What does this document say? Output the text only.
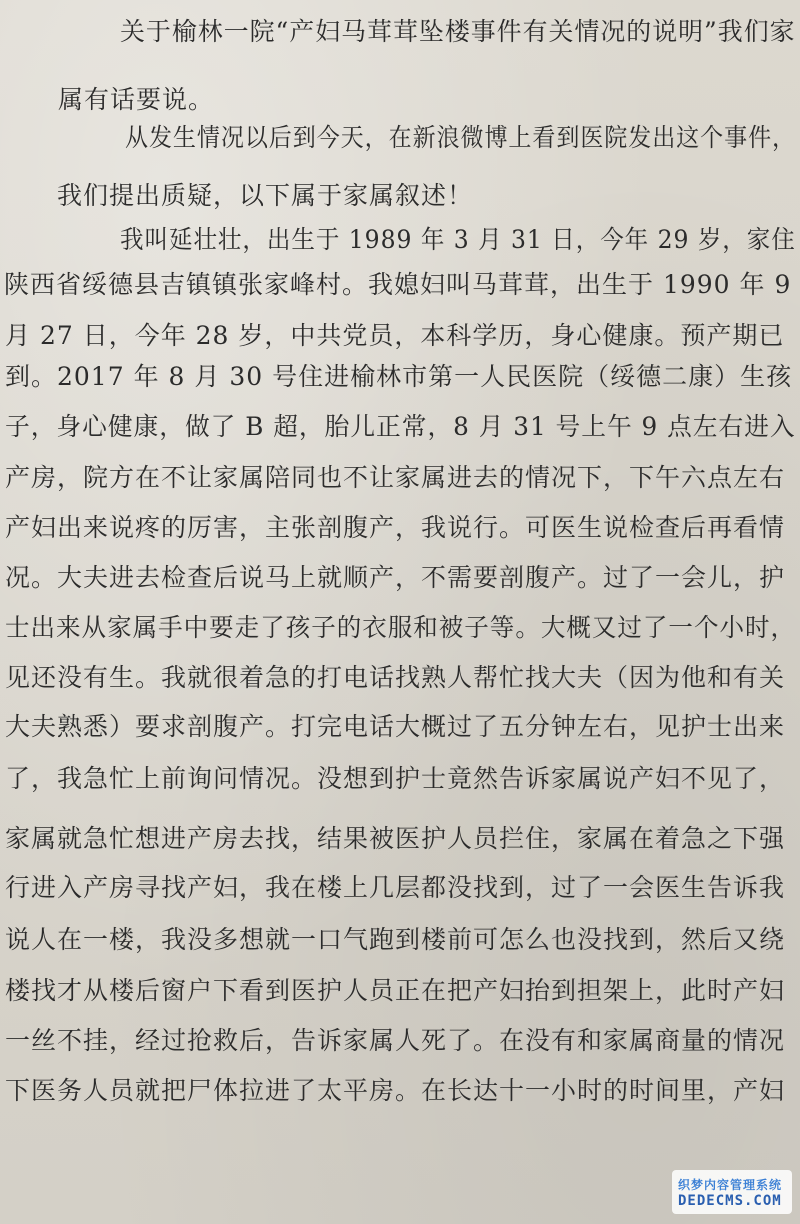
关于榆林一院“产妇马茸茸坠楼事件有关情况的说明”我们家
属有话要说。
从发生情况以后到今天，在新浪微博上看到医院发出这个事件，
我们提出质疑，以下属于家属叙述！
我叫延壮壮，出生于 1989 年 3 月 31 日，今年 29 岁，家住
陕西省绥德县吉镇镇张家峰村。我媳妇叫马茸茸，出生于 1990 年 9
月 27 日，今年 28 岁，中共党员，本科学历，身心健康。预产期已
到。2017 年 8 月 30 号住进榆林市第一人民医院（绥德二康）生孩
子，身心健康，做了 B 超，胎儿正常，8 月 31 号上午 9 点左右进入
产房，院方在不让家属陪同也不让家属进去的情况下，下午六点左右
产妇出来说疼的厉害，主张剖腹产，我说行。可医生说检查后再看情
况。大夫进去检查后说马上就顺产，不需要剖腹产。过了一会儿，护
士出来从家属手中要走了孩子的衣服和被子等。大概又过了一个小时，
见还没有生。我就很着急的打电话找熟人帮忙找大夫（因为他和有关
大夫熟悉）要求剖腹产。打完电话大概过了五分钟左右，见护士出来
了，我急忙上前询问情况。没想到护士竟然告诉家属说产妇不见了，
家属就急忙想进产房去找，结果被医护人员拦住，家属在着急之下强
行进入产房寻找产妇，我在楼上几层都没找到，过了一会医生告诉我
说人在一楼，我没多想就一口气跑到楼前可怎么也没找到，然后又绕
楼找才从楼后窗户下看到医护人员正在把产妇抬到担架上，此时产妇
一丝不挂，经过抢救后，告诉家属人死了。在没有和家属商量的情况
下医务人员就把尸体拉进了太平房。在长达十一小时的时间里，产妇
织梦内容管理系统
DEDECMS.COM
